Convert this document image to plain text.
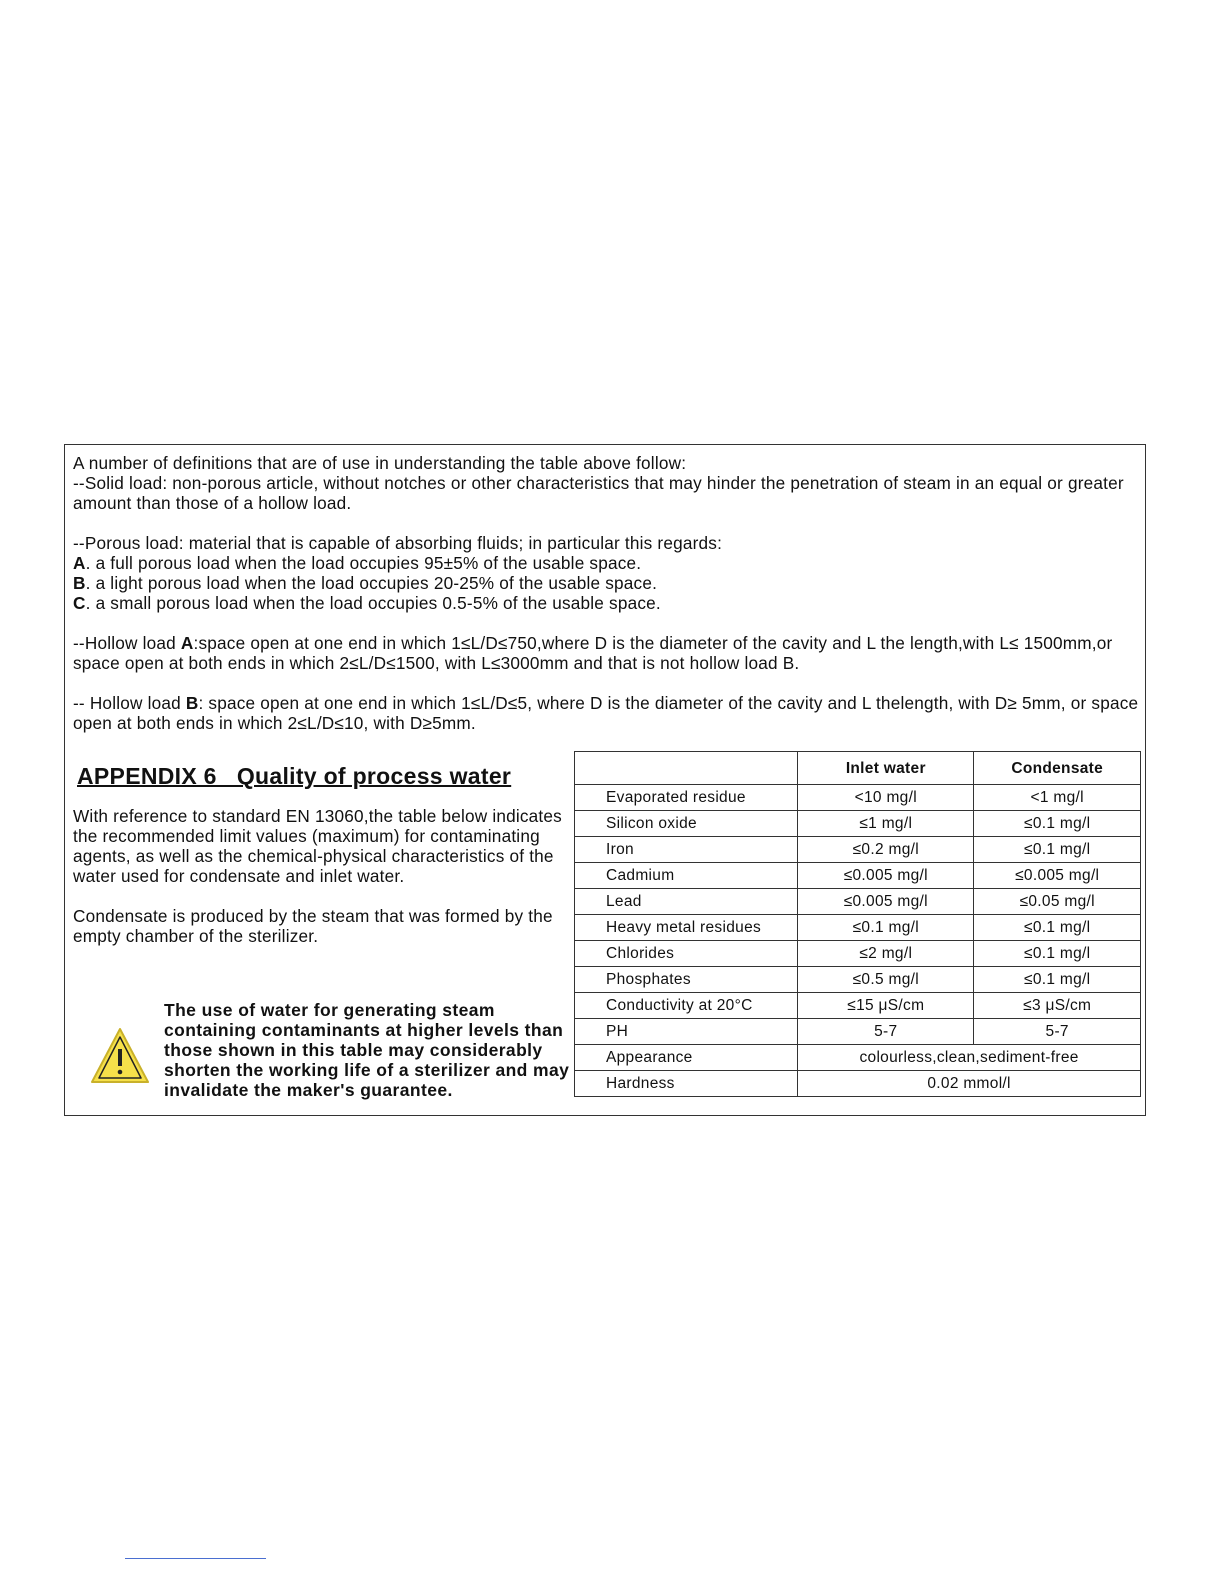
A number of definitions that are of use in understanding the table above follow:

--Solid load: non-porous article, without notches or other characteristics that may hinder the penetration of steam in an equal or greater amount than those of a hollow load.

--Porous load: material that is capable of absorbing fluids; in particular this regards:

A. a full porous load when the load occupies 95±5% of the usable space.

B. a light porous load when the load occupies 20-25% of the usable space.

C. a small porous load when the load occupies 0.5-5% of the usable space.

--Hollow load A:space open at one end in which 1≤L/D≤750,where D is the diameter of the cavity and L the length,with L≤ 1500mm,or space open at both ends in which 2≤L/D≤1500, with L≤3000mm and that is not hollow load B.

-- Hollow load B: space open at one end in which 1≤L/D≤5, where D is the diameter of the cavity and L thelength, with D≥ 5mm, or space open at both ends in which 2≤L/D≤10, with D≥5mm.

APPENDIX 6   Quality of process water

With reference to standard EN 13060,the table below indicates the recommended limit values (maximum) for contaminating agents, as well as the chemical-physical characteristics of the water used for condensate and inlet water.

Condensate is produced by the steam that was formed by the empty chamber of the sterilizer.

The use of water for generating steam containing contaminants at higher levels than those shown in this table may considerably shorten the working life of a sterilizer and may invalidate the maker's guarantee.
	Inlet water	Condensate
Evaporated residue	<10 mg/l	<1 mg/l
Silicon oxide	≤1 mg/l	≤0.1 mg/l
Iron	≤0.2 mg/l	≤0.1 mg/l
Cadmium	≤0.005 mg/l	≤0.005 mg/l
Lead	≤0.005 mg/l	≤0.05 mg/l
Heavy metal residues	≤0.1 mg/l	≤0.1 mg/l
Chlorides	≤2 mg/l	≤0.1 mg/l
Phosphates	≤0.5 mg/l	≤0.1 mg/l
Conductivity at 20°C	≤15 μS/cm	≤3 μS/cm
PH	5-7	5-7
Appearance	colourless,clean,sediment-free	
Hardness	0.02 mmol/l	
